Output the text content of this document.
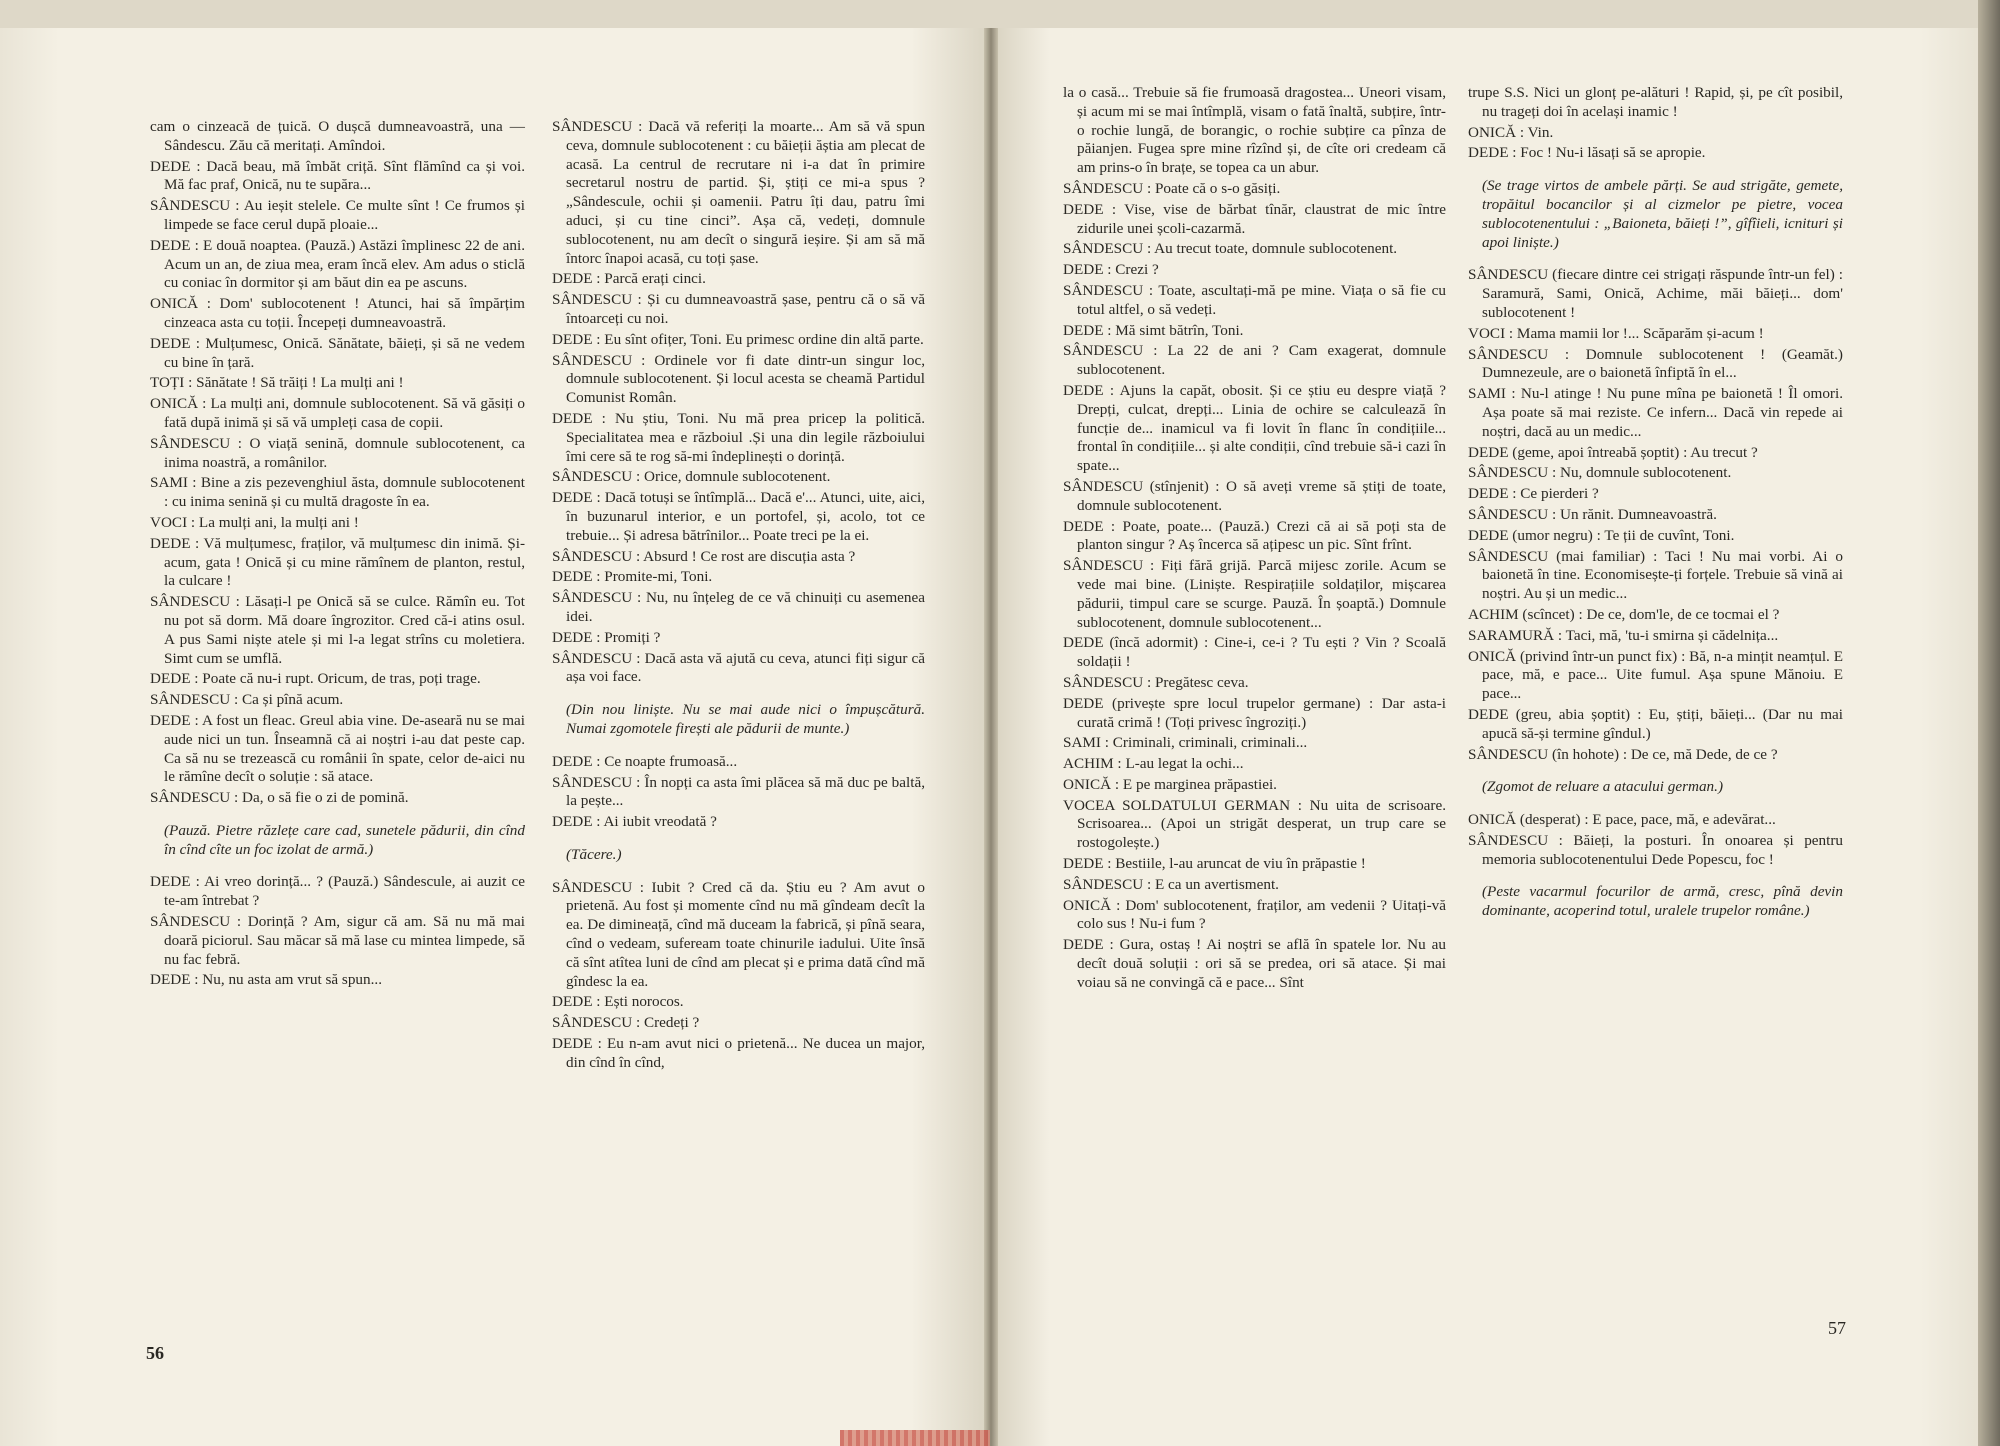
cam o cinzeacă de țuică. O dușcă dumneavoastră, una — Sândescu. Zău că meritați. Amîndoi.

DEDE : Dacă beau, mă îmbăt criță. Sînt flămînd ca și voi. Mă fac praf, Onică, nu te supăra...

SÂNDESCU : Au ieșit stelele. Ce multe sînt ! Ce frumos și limpede se face cerul după ploaie...

DEDE : E două noaptea. (Pauză.) Astăzi împlinesc 22 de ani. Acum un an, de ziua mea, eram încă elev. Am adus o sticlă cu coniac în dormitor și am băut din ea pe ascuns.

ONICĂ : Dom' sublocotenent ! Atunci, hai să împărțim cinzeaca asta cu toții. Începeți dumneavoastră.

DEDE : Mulțumesc, Onică. Sănătate, băieți, și să ne vedem cu bine în țară.

TOȚI : Sănătate ! Să trăiți ! La mulți ani !

ONICĂ : La mulți ani, domnule sublocotenent. Să vă găsiți o fată după inimă și să vă umpleți casa de copii.

SÂNDESCU : O viață senină, domnule sublocotenent, ca inima noastră, a românilor.

SAMI : Bine a zis pezevenghiul ăsta, domnule sublocotenent : cu inima senină și cu multă dragoste în ea.

VOCI : La mulți ani, la mulți ani !

DEDE : Vă mulțumesc, fraților, vă mulțumesc din inimă. Și-acum, gata ! Onică și cu mine rămînem de planton, restul, la culcare !

SÂNDESCU : Lăsați-l pe Onică să se culce. Rămîn eu. Tot nu pot să dorm. Mă doare îngrozitor. Cred că-i atins osul. A pus Sami niște atele și mi l-a legat strîns cu moletiera. Simt cum se umflă.

DEDE : Poate că nu-i rupt. Oricum, de tras, poți trage.

SÂNDESCU : Ca și pînă acum.

DEDE : A fost un fleac. Greul abia vine. De-aseară nu se mai aude nici un tun. Înseamnă că ai noștri i-au dat peste cap. Ca să nu se trezească cu românii în spate, celor de-aici nu le rămîne decît o soluție : să atace.

SÂNDESCU : Da, o să fie o zi de pomină.

(Pauză. Pietre răzlețe care cad, sunetele pădurii, din cînd în cînd cîte un foc izolat de armă.)

DEDE : Ai vreo dorință... ? (Pauză.) Sândescule, ai auzit ce te-am întrebat ?

SÂNDESCU : Dorință ? Am, sigur că am. Să nu mă mai doară piciorul. Sau măcar să mă lase cu mintea limpede, să nu fac febră.

DEDE : Nu, nu asta am vrut să spun...

SÂNDESCU : Dacă vă referiți la moarte... Am să vă spun ceva, domnule sublocotenent : cu băieții ăștia am plecat de acasă. La centrul de recrutare ni i-a dat în primire secretarul nostru de partid. Și, știți ce mi-a spus ? „Sândescule, ochii și oamenii. Patru îți dau, patru îmi aduci, și cu tine cinci”. Așa că, vedeți, domnule sublocotenent, nu am decît o singură ieșire. Și am să mă întorc înapoi acasă, cu toți șase.

DEDE : Parcă erați cinci.

SÂNDESCU : Și cu dumneavoastră șase, pentru că o să vă întoarceți cu noi.

DEDE : Eu sînt ofițer, Toni. Eu primesc ordine din altă parte.

SÂNDESCU : Ordinele vor fi date dintr-un singur loc, domnule sublocotenent. Și locul acesta se cheamă Partidul Comunist Român.

DEDE : Nu știu, Toni. Nu mă prea pricep la politică. Specialitatea mea e războiul .Și una din legile războiului îmi cere să te rog să-mi îndeplinești o dorință.

SÂNDESCU : Orice, domnule sublocotenent.

DEDE : Dacă totuși se întîmplă... Dacă e'... Atunci, uite, aici, în buzunarul interior, e un portofel, și, acolo, tot ce trebuie... Și adresa bătrînilor... Poate treci pe la ei.

SÂNDESCU : Absurd ! Ce rost are discuția asta ?

DEDE : Promite-mi, Toni.

SÂNDESCU : Nu, nu înțeleg de ce vă chinuiți cu asemenea idei.

DEDE : Promiți ?

SÂNDESCU : Dacă asta vă ajută cu ceva, atunci fiți sigur că așa voi face.

(Din nou liniște. Nu se mai aude nici o împușcătură. Numai zgomotele firești ale pădurii de munte.)

DEDE : Ce noapte frumoasă...

SÂNDESCU : În nopți ca asta îmi plăcea să mă duc pe baltă, la pește...

DEDE : Ai iubit vreodată ?

(Tăcere.)

SÂNDESCU : Iubit ? Cred că da. Știu eu ? Am avut o prietenă. Au fost și momente cînd nu mă gîndeam decît la ea. De dimineață, cînd mă duceam la fabrică, și pînă seara, cînd o vedeam, sufeream toate chinurile iadului. Uite însă că sînt atîtea luni de cînd am plecat și e prima dată cînd mă gîndesc la ea.

DEDE : Ești norocos.

SÂNDESCU : Credeți ?

DEDE : Eu n-am avut nici o prietenă... Ne ducea un major, din cînd în cînd,

la o casă... Trebuie să fie frumoasă dragostea... Uneori visam, și acum mi se mai întîmplă, visam o fată înaltă, subțire, într-o rochie lungă, de borangic, o rochie subțire ca pînza de păianjen. Fugea spre mine rîzînd și, de cîte ori credeam că am prins-o în brațe, se topea ca un abur.

SÂNDESCU : Poate că o s-o găsiți.

DEDE : Vise, vise de bărbat tînăr, claustrat de mic între zidurile unei școli-cazarmă.

SÂNDESCU : Au trecut toate, domnule sublocotenent.

DEDE : Crezi ?

SÂNDESCU : Toate, ascultați-mă pe mine. Viața o să fie cu totul altfel, o să vedeți.

DEDE : Mă simt bătrîn, Toni.

SÂNDESCU : La 22 de ani ? Cam exagerat, domnule sublocotenent.

DEDE : Ajuns la capăt, obosit. Și ce știu eu despre viață ? Drepți, culcat, drepți... Linia de ochire se calculează în funcție de... inamicul va fi lovit în flanc în condițiile... frontal în condițiile... și alte condiții, cînd trebuie să-i cazi în spate...

SÂNDESCU (stînjenit) : O să aveți vreme să știți de toate, domnule sublocotenent.

DEDE : Poate, poate... (Pauză.) Crezi că ai să poți sta de planton singur ? Aș încerca să ațipesc un pic. Sînt frînt.

SÂNDESCU : Fiți fără grijă. Parcă mijesc zorile. Acum se vede mai bine. (Liniște. Respirațiile soldaților, mișcarea pădurii, timpul care se scurge. Pauză. În șoaptă.) Domnule sublocotenent, domnule sublocotenent...

DEDE (încă adormit) : Cine-i, ce-i ? Tu ești ? Vin ? Scoală soldații !

SÂNDESCU : Pregătesc ceva.

DEDE (privește spre locul trupelor germane) : Dar asta-i curată crimă ! (Toți privesc îngroziți.)

SAMI : Criminali, criminali, criminali...

ACHIM : L-au legat la ochi...

ONICĂ : E pe marginea prăpastiei.

VOCEA SOLDATULUI GERMAN : Nu uita de scrisoare. Scrisoarea... (Apoi un strigăt desperat, un trup care se rostogolește.)

DEDE : Bestiile, l-au aruncat de viu în prăpastie !

SÂNDESCU : E ca un avertisment.

ONICĂ : Dom' sublocotenent, fraților, am vedenii ? Uitați-vă colo sus ! Nu-i fum ?

DEDE : Gura, ostaș ! Ai noștri se află în spatele lor. Nu au decît două soluții : ori să se predea, ori să atace. Și mai voiau să ne convingă că e pace... Sînt

trupe S.S. Nici un glonț pe-alături ! Rapid, și, pe cît posibil, nu trageți doi în același inamic !

ONICĂ : Vin.

DEDE : Foc ! Nu-i lăsați să se apropie.

(Se trage virtos de ambele părți. Se aud strigăte, gemete, tropăitul bocancilor și al cizmelor pe pietre, vocea sublocotenentului : „Baioneta, băieți !”, gîfîieli, icnituri și apoi liniște.)

SÂNDESCU (fiecare dintre cei strigați răspunde într-un fel) : Saramură, Sami, Onică, Achime, măi băieți... dom' sublocotenent !

VOCI : Mama mamii lor !... Scăparăm și-acum !

SÂNDESCU : Domnule sublocotenent ! (Geamăt.) Dumnezeule, are o baionetă înfiptă în el...

SAMI : Nu-l atinge ! Nu pune mîna pe baionetă ! Îl omori. Așa poate să mai reziste. Ce infern... Dacă vin repede ai noștri, dacă au un medic...

DEDE (geme, apoi întreabă șoptit) : Au trecut ?

SÂNDESCU : Nu, domnule sublocotenent.

DEDE : Ce pierderi ?

SÂNDESCU : Un rănit. Dumneavoastră.

DEDE (umor negru) : Te ții de cuvînt, Toni.

SÂNDESCU (mai familiar) : Taci ! Nu mai vorbi. Ai o baionetă în tine. Economisește-ți forțele. Trebuie să vină ai noștri. Au și un medic...

ACHIM (scîncet) : De ce, dom'le, de ce tocmai el ?

SARAMURĂ : Taci, mă, 'tu-i smirna și cădelnița...

ONICĂ (privind într-un punct fix) : Bă, n-a mințit neamțul. E pace, mă, e pace... Uite fumul. Așa spune Mănoiu. E pace...

DEDE (greu, abia șoptit) : Eu, știți, băieți... (Dar nu mai apucă să-și termine gîndul.)

SÂNDESCU (în hohote) : De ce, mă Dede, de ce ?

(Zgomot de reluare a atacului german.)

ONICĂ (desperat) : E pace, pace, mă, e adevărat...

SÂNDESCU : Băieți, la posturi. În onoarea și pentru memoria sublocotenentului Dede Popescu, foc !

(Peste vacarmul focurilor de armă, cresc, pînă devin dominante, acoperind totul, uralele trupelor române.)

56
57
